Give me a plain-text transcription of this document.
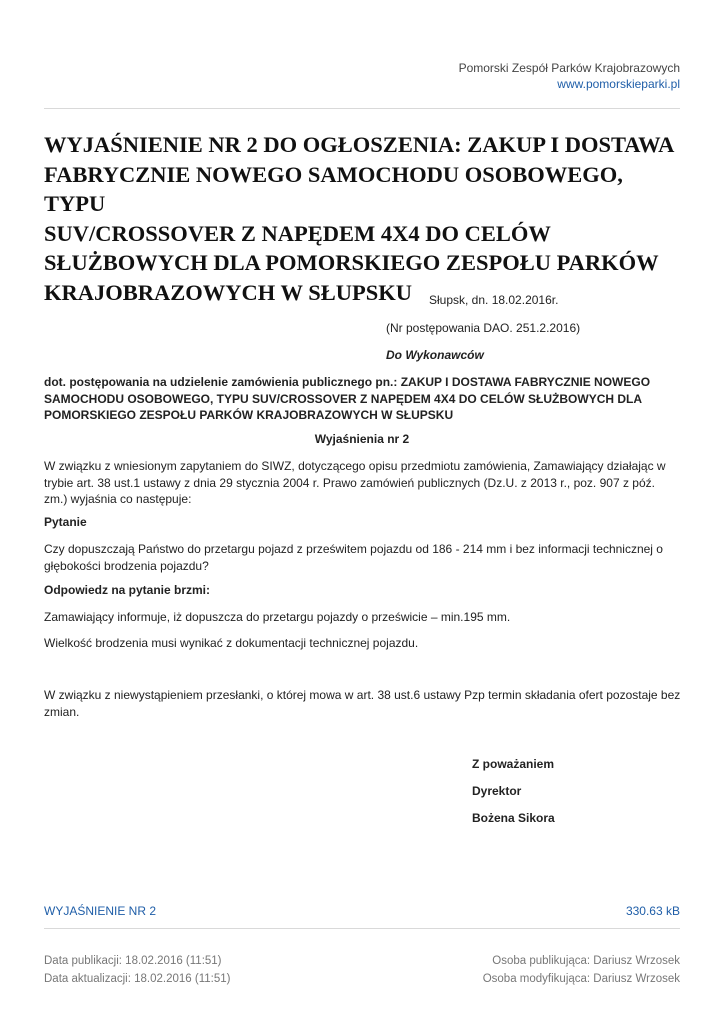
Pomorski Zespół Parków Krajobrazowych
www.pomorskieparki.pl
WYJAŚNIENIE NR 2 DO OGŁOSZENIA: ZAKUP I DOSTAWA
FABRYCZNIE NOWEGO SAMOCHODU OSOBOWEGO, TYPU
SUV/CROSSOVER Z NAPĘDEM 4X4 DO CELÓW
SŁUŻBOWYCH DLA POMORSKIEGO ZESPOŁU PARKÓW
KRAJOBRAZOWYCH W SŁUPSKU	Słupsk, dn. 18.02.2016r.
(Nr postępowania DAO. 251.2.2016)
Do Wykonawców
dot. postępowania na udzielenie zamówienia publicznego pn.: ZAKUP I DOSTAWA FABRYCZNIE NOWEGO
SAMOCHODU OSOBOWEGO, TYPU SUV/CROSSOVER Z NAPĘDEM 4X4 DO CELÓW SŁUŻBOWYCH DLA
POMORSKIEGO ZESPOŁU PARKÓW KRAJOBRAZOWYCH W SŁUPSKU
Wyjaśnienia nr 2
W związku z wniesionym zapytaniem do SIWZ, dotyczącego opisu przedmiotu zamówienia, Zamawiający działając w
trybie art. 38 ust.1 ustawy z dnia 29 stycznia 2004 r. Prawo zamówień publicznych (Dz.U. z 2013 r., poz. 907 z póź.
zm.) wyjaśnia co następuje:
Pytanie
Czy dopuszczają Państwo do przetargu pojazd z prześwitem pojazdu od 186 - 214 mm i bez informacji technicznej o
głębokości brodzenia pojazdu?
Odpowiedz na pytanie brzmi:
Zamawiający informuje, iż dopuszcza do przetargu pojazdy o prześwicie – min.195 mm.
Wielkość brodzenia musi wynikać z dokumentacji technicznej pojazdu.
W związku z niewystąpieniem przesłanki, o której mowa w art. 38 ust.6 ustawy Pzp termin składania ofert pozostaje bez
zmian.
Z poważaniem
Dyrektor
Bożena Sikora
WYJAŚNIENIE NR 2	330.63 kB
Data publikacji: 18.02.2016 (11:51)
Data aktualizacji: 18.02.2016 (11:51)
Osoba publikująca: Dariusz Wrzosek
Osoba modyfikująca: Dariusz Wrzosek
